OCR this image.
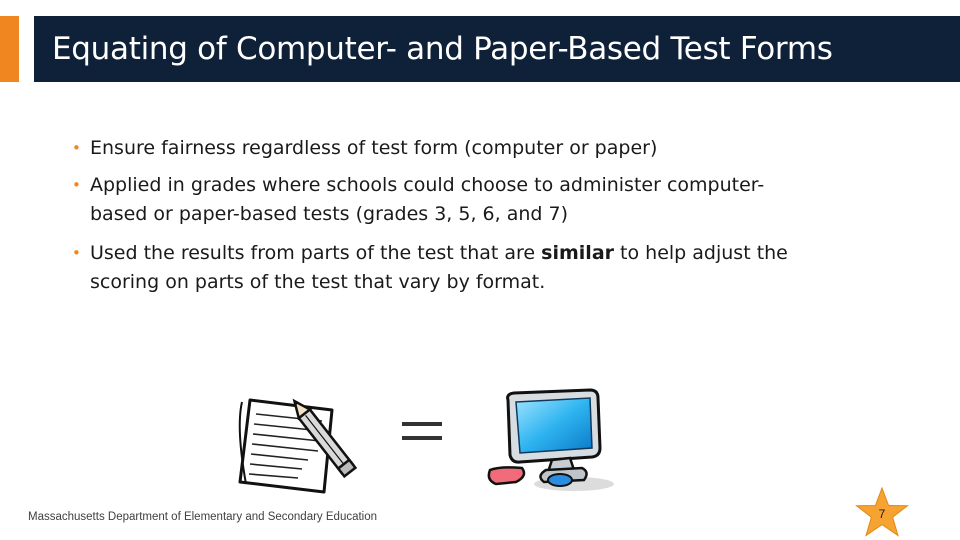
Equating of Computer- and Paper-Based Test Forms
• Ensure fairness regardless of test form (computer or paper)
• Applied in grades where schools could choose to administer computer-
based or paper-based tests (grades 3, 5, 6, and 7)
• Used the results from parts of the test that are similar to help adjust the
scoring on parts of the test that vary by format.
Massachusetts Department of Elementary and Secondary Education	7
